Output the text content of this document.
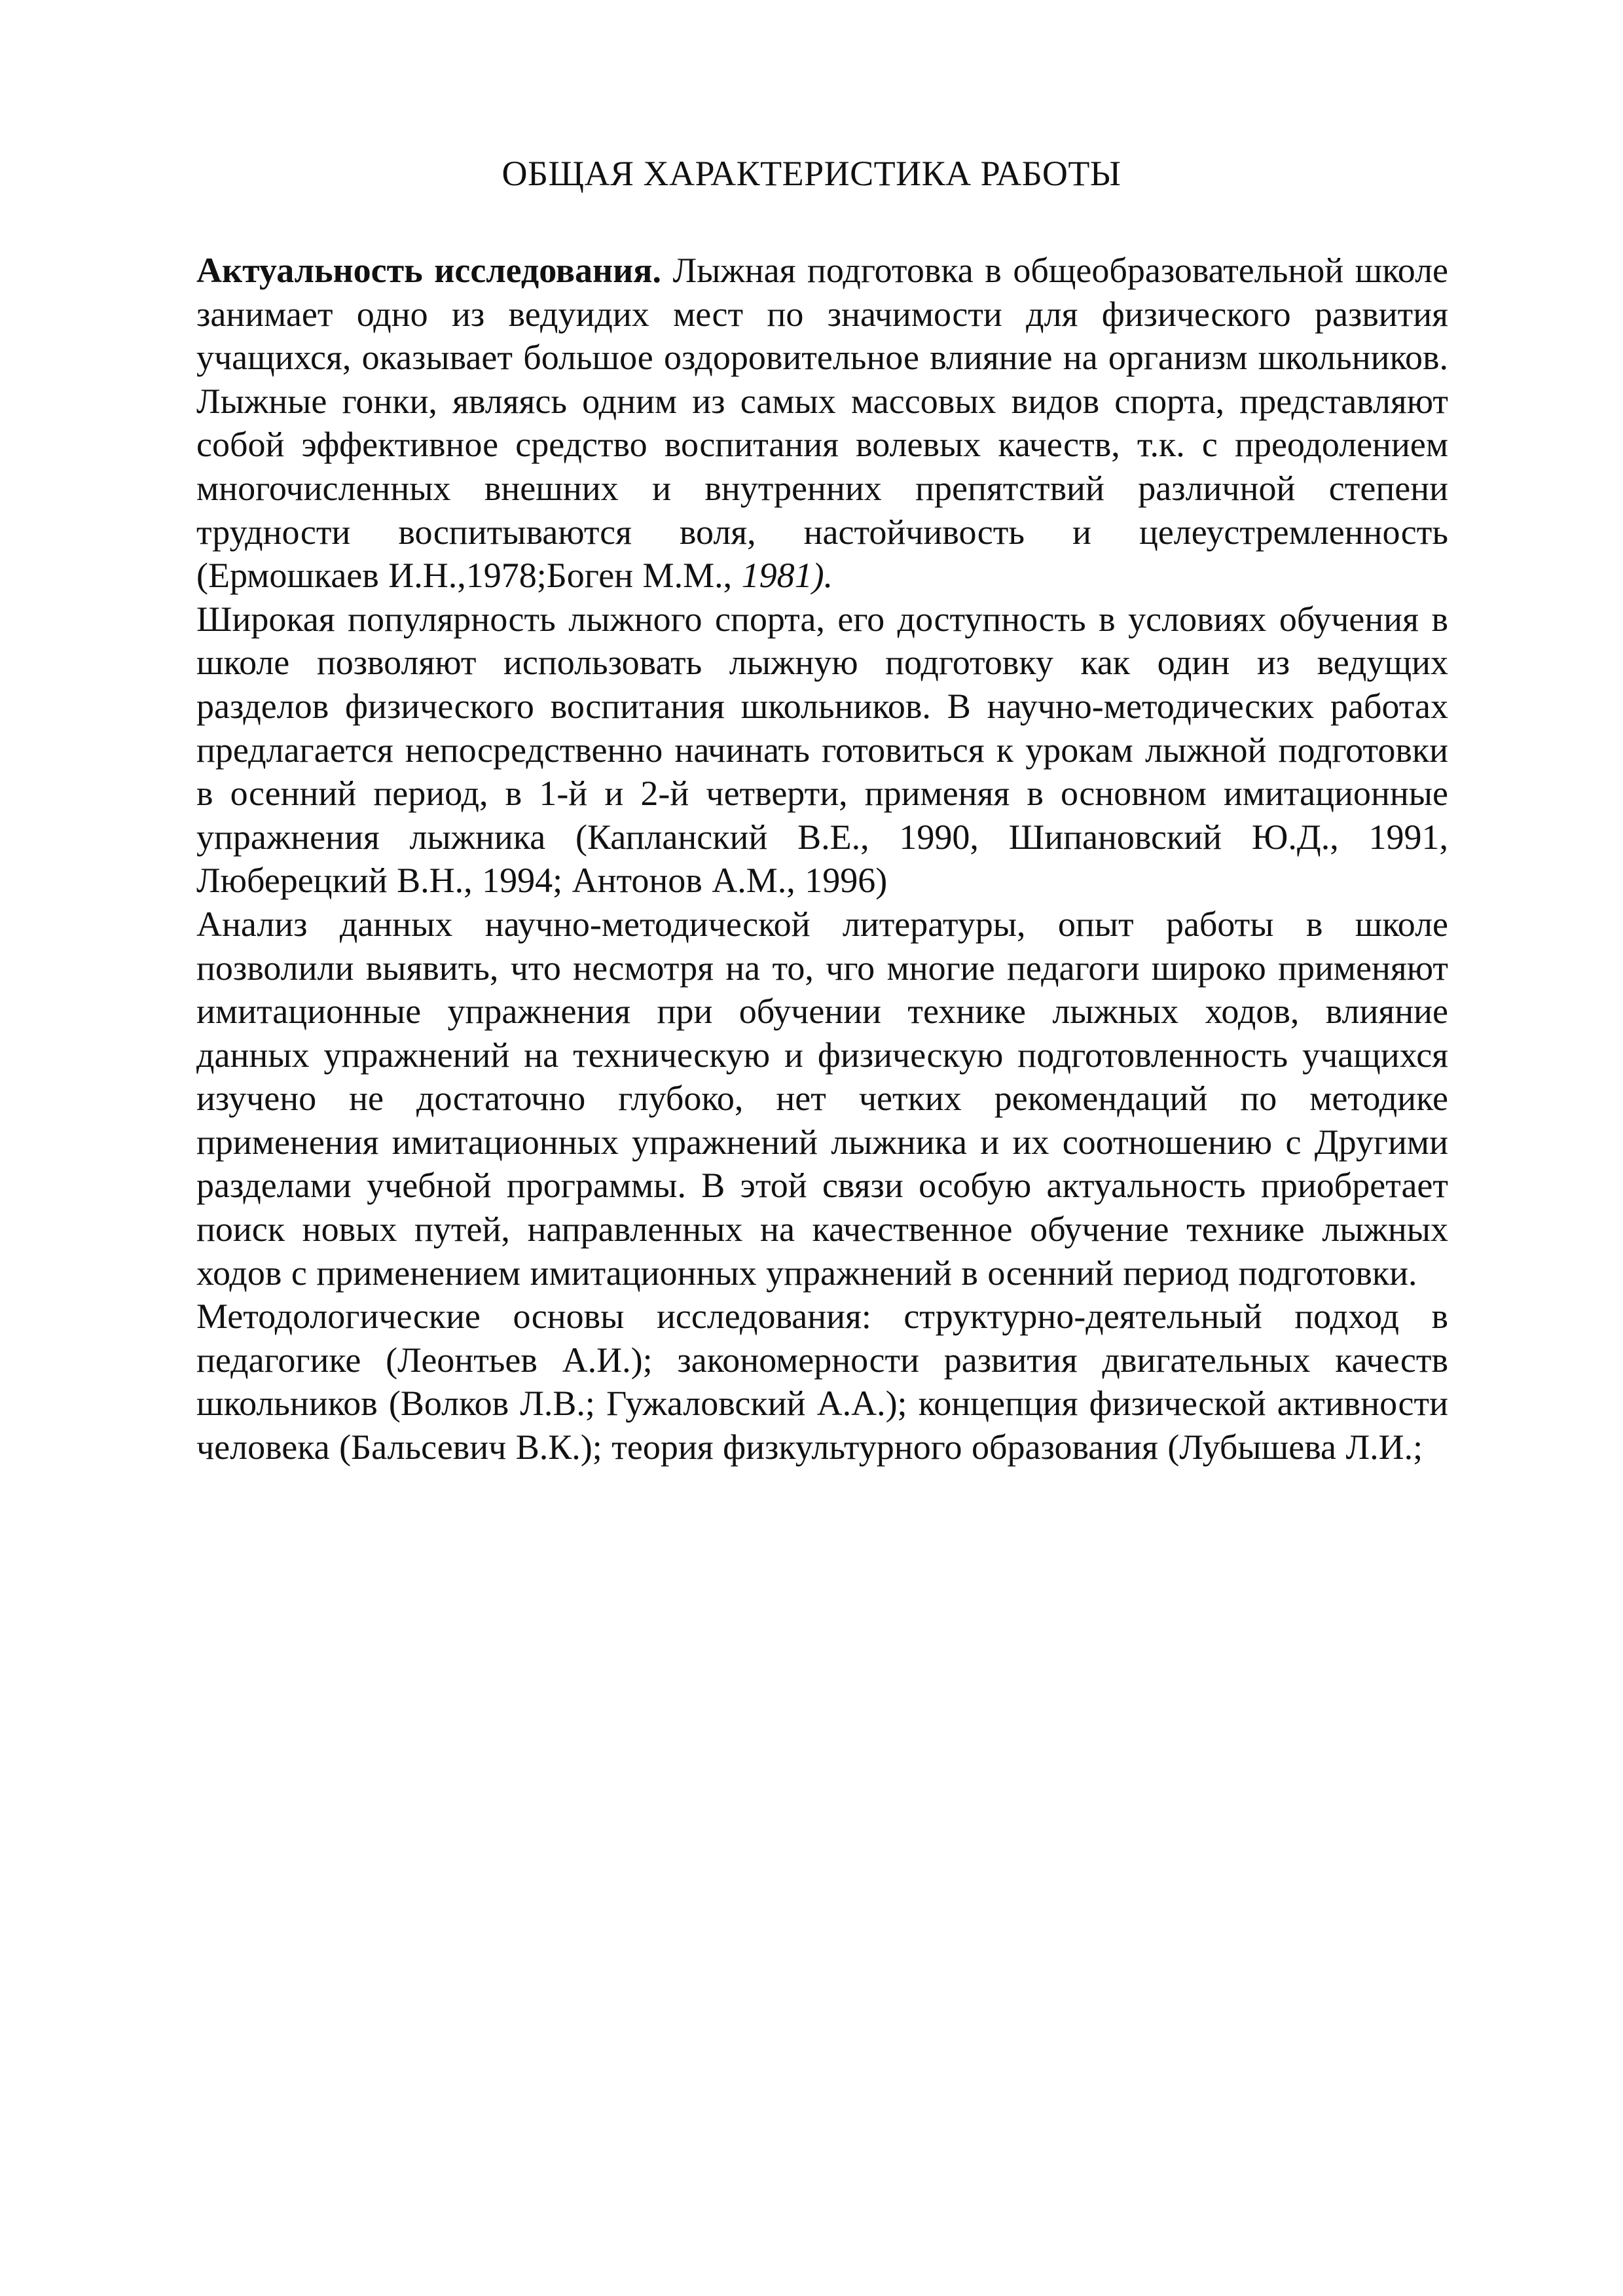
ОБЩАЯ ХАРАКТЕРИСТИКА РАБОТЫ

Актуальность исследования. Лыжная подготовка в общеобразовательной школе занимает одно из ведуидих мест по значимости для физического развития учащихся, оказывает большое оздоровительное влияние на организм школьников. Лыжные гонки, являясь одним из самых массовых видов спорта, представляют собой эффективное средство воспитания волевых качеств, т.к. с преодолением многочисленных внешних и внутренних препятствий различной степени трудности воспитываются воля, настойчивость и целеустремленность (Ермошкаев И.Н.,1978;Боген М.М., 1981).

Широкая популярность лыжного спорта, его доступность в условиях обучения в школе позволяют использовать лыжную подготовку как один из ведущих разделов физического воспитания школьников. В научно-методических работах предлагается непосредственно начинать готовиться к урокам лыжной подготовки в осенний период, в 1-й и 2-й четверти, применяя в основном имитационные упражнения лыжника (Капланский В.Е., 1990, Шипановский Ю.Д., 1991, Люберецкий В.Н., 1994; Антонов А.М., 1996)

Анализ данных научно-методической литературы, опыт работы в школе позволили выявить, что несмотря на то, чго многие педагоги широко применяют имитационные упражнения при обучении технике лыжных ходов, влияние данных упражнений на техническую и физическую подготовленность учащихся изучено не достаточно глубоко, нет четких рекомендаций по методике применения имитационных упражнений лыжника и их соотношению с Другими разделами учебной программы. В этой связи особую актуальность приобретает поиск новых путей, направленных на качественное обучение технике лыжных ходов с применением имитационных упражнений в осенний период подготовки.

Методологические основы исследования: структурно-деятельный подход в педагогике (Леонтьев А.И.); закономерности развития двигательных качеств школьников (Волков Л.В.; Гужаловский А.А.); концепция физической активности человека (Бальсевич В.К.); теория физкультурного образования (Лубышева Л.И.;
